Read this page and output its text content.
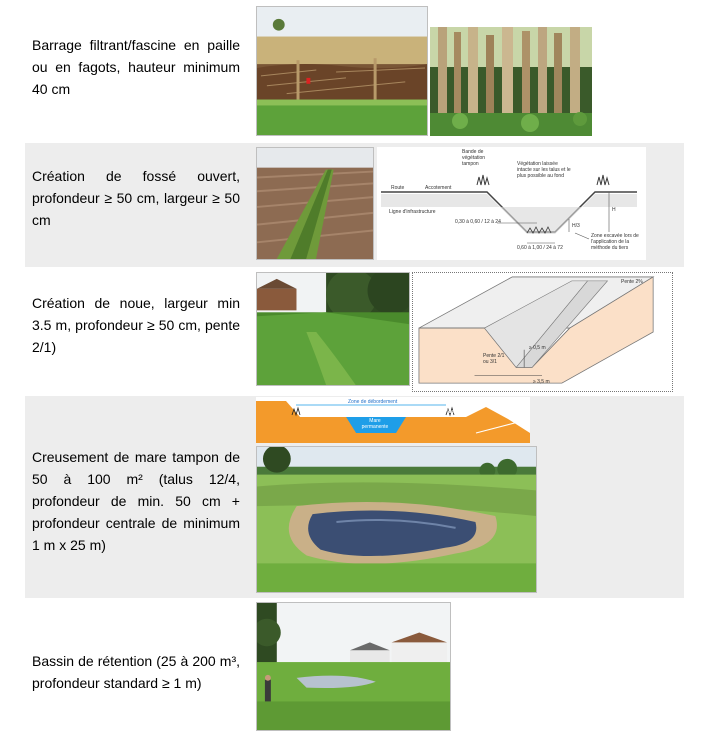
Barrage filtrant/fascine en paille ou en fagots, hauteur minimum 40 cm
Création de fossé ouvert, profondeur ≥ 50 cm, largeur ≥ 50 cm
Bande de végétation tampon	Végétation laissée intacte sur les talus et le plus possible au fond
Route	Accotement
Ligne d'infrastructure
0,30 à 0,60 / 12 à 24
H/3
H
0,60 à 1,00 / 24 à 72
Zone excavée lors de l'application de la méthode du tiers
Création de noue, largeur min 3.5 m, profondeur ≥ 50 cm, pente 2/1)
Pente 2%
Pente 2/1 ou 3/1
≥ 0,5 m
≥ 3,5 m
Creusement de mare tampon de 50 à 100 m² (talus 12/4, profondeur de min. 50 cm + profondeur centrale de minimum 1 m x 25 m)
Zone de débordement
Mare permanente
Vidoir de fuite
Bassin de rétention (25 à 200 m³, profondeur standard ≥ 1 m)
